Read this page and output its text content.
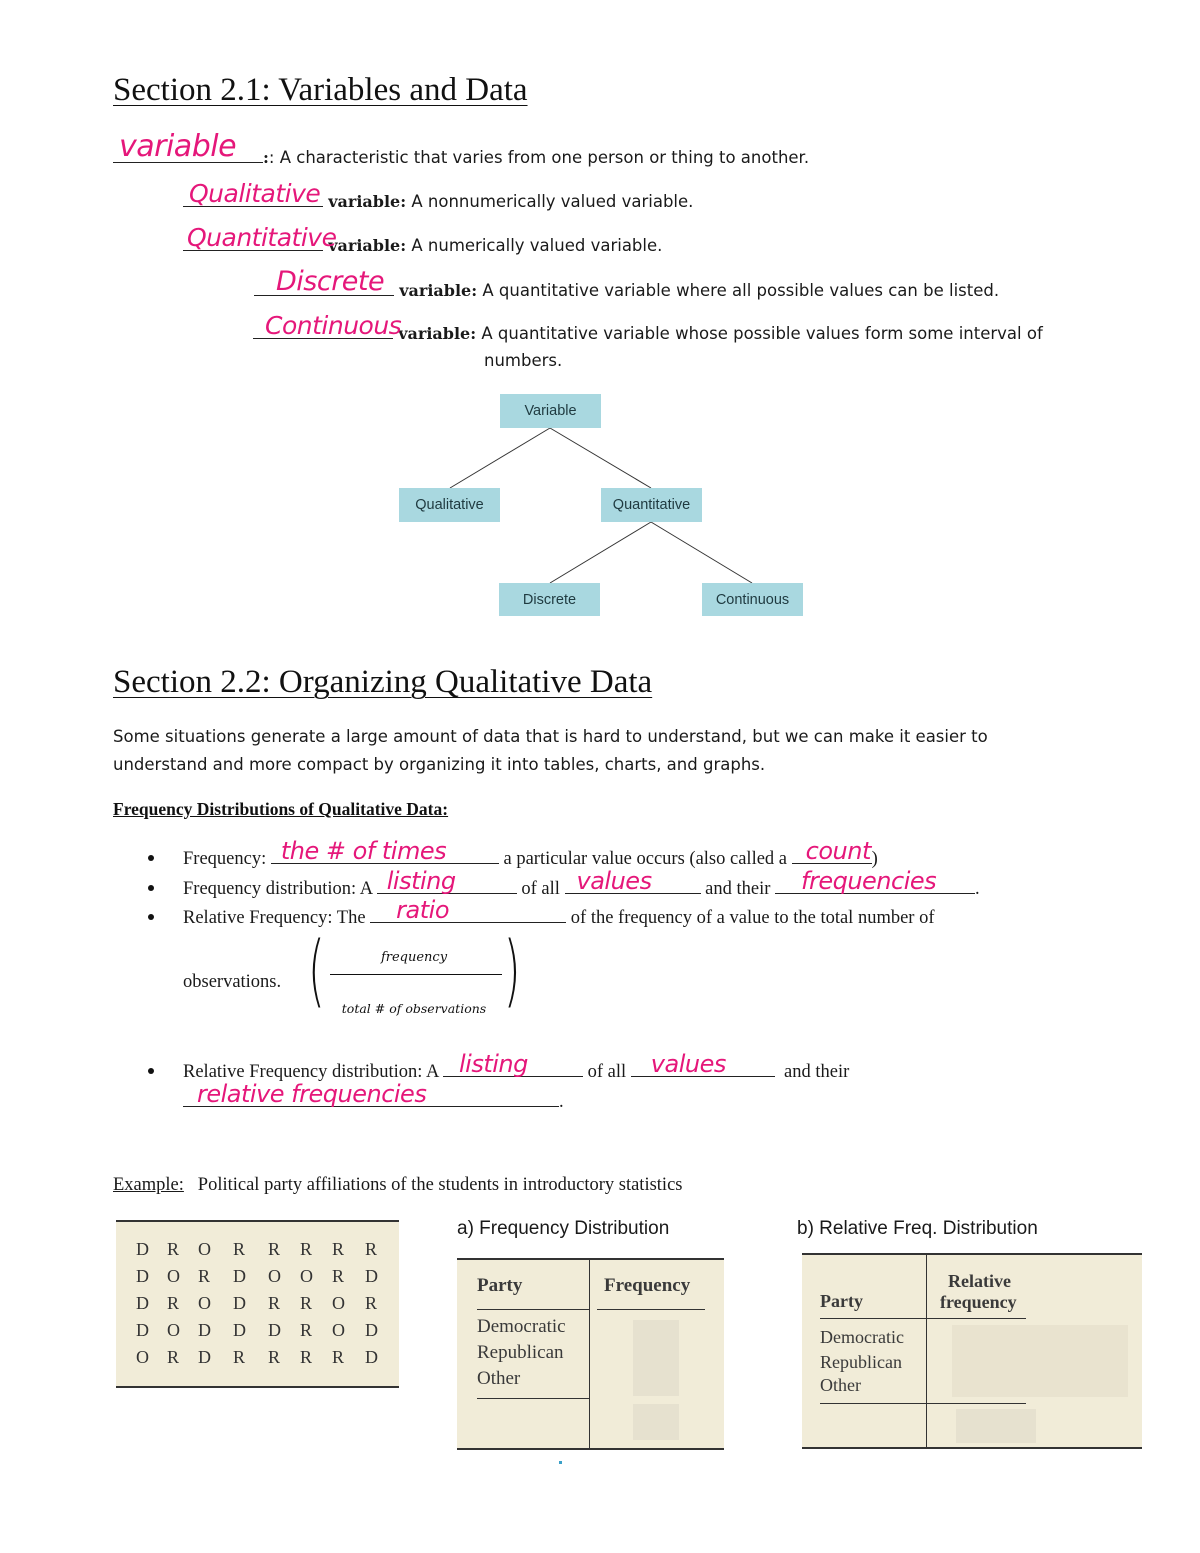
Section 2.1: Variables and Data
variable :: A characteristic that varies from one person or thing to another.
Qualitative variable: A nonnumerically valued variable.
Quantitative
variable: A numerically valued variable.
Discrete variable: A quantitative variable where all possible values can be listed.
Continuous
variable: A quantitative variable whose possible values form some interval of
numbers.
Variable
Qualitative	Quantitative
Discrete	Continuous
Section 2.2: Organizing Qualitative Data
Some situations generate a large amount of data that is hard to understand, but we can make it easier to
understand and more compact by organizing it into tables, charts, and graphs.
Frequency Distributions of Qualitative Data:
Frequency: the # of times	a particular value occurs (also called a count )
Frequency distribution: A listing	of all values	and their frequencies .
Relative Frequency: The ratio	of the frequency of a value to the total number of
observations. ( )
frequency
total # of observations
Relative Frequency distribution: A listing	of all values	and their
relative frequencies	.
Example: Political party affiliations of the students in introductory statistics
D R O R R R R R
D O R D O O R D
D R O D R R O R
D O D D D R O D
O R D R R R R D
a) Frequency Distribution
Party	Frequency
Democratic
Republican
Other
b) Relative Freq. Distribution
Party
Relative
frequency
Democratic
Republican
Other
